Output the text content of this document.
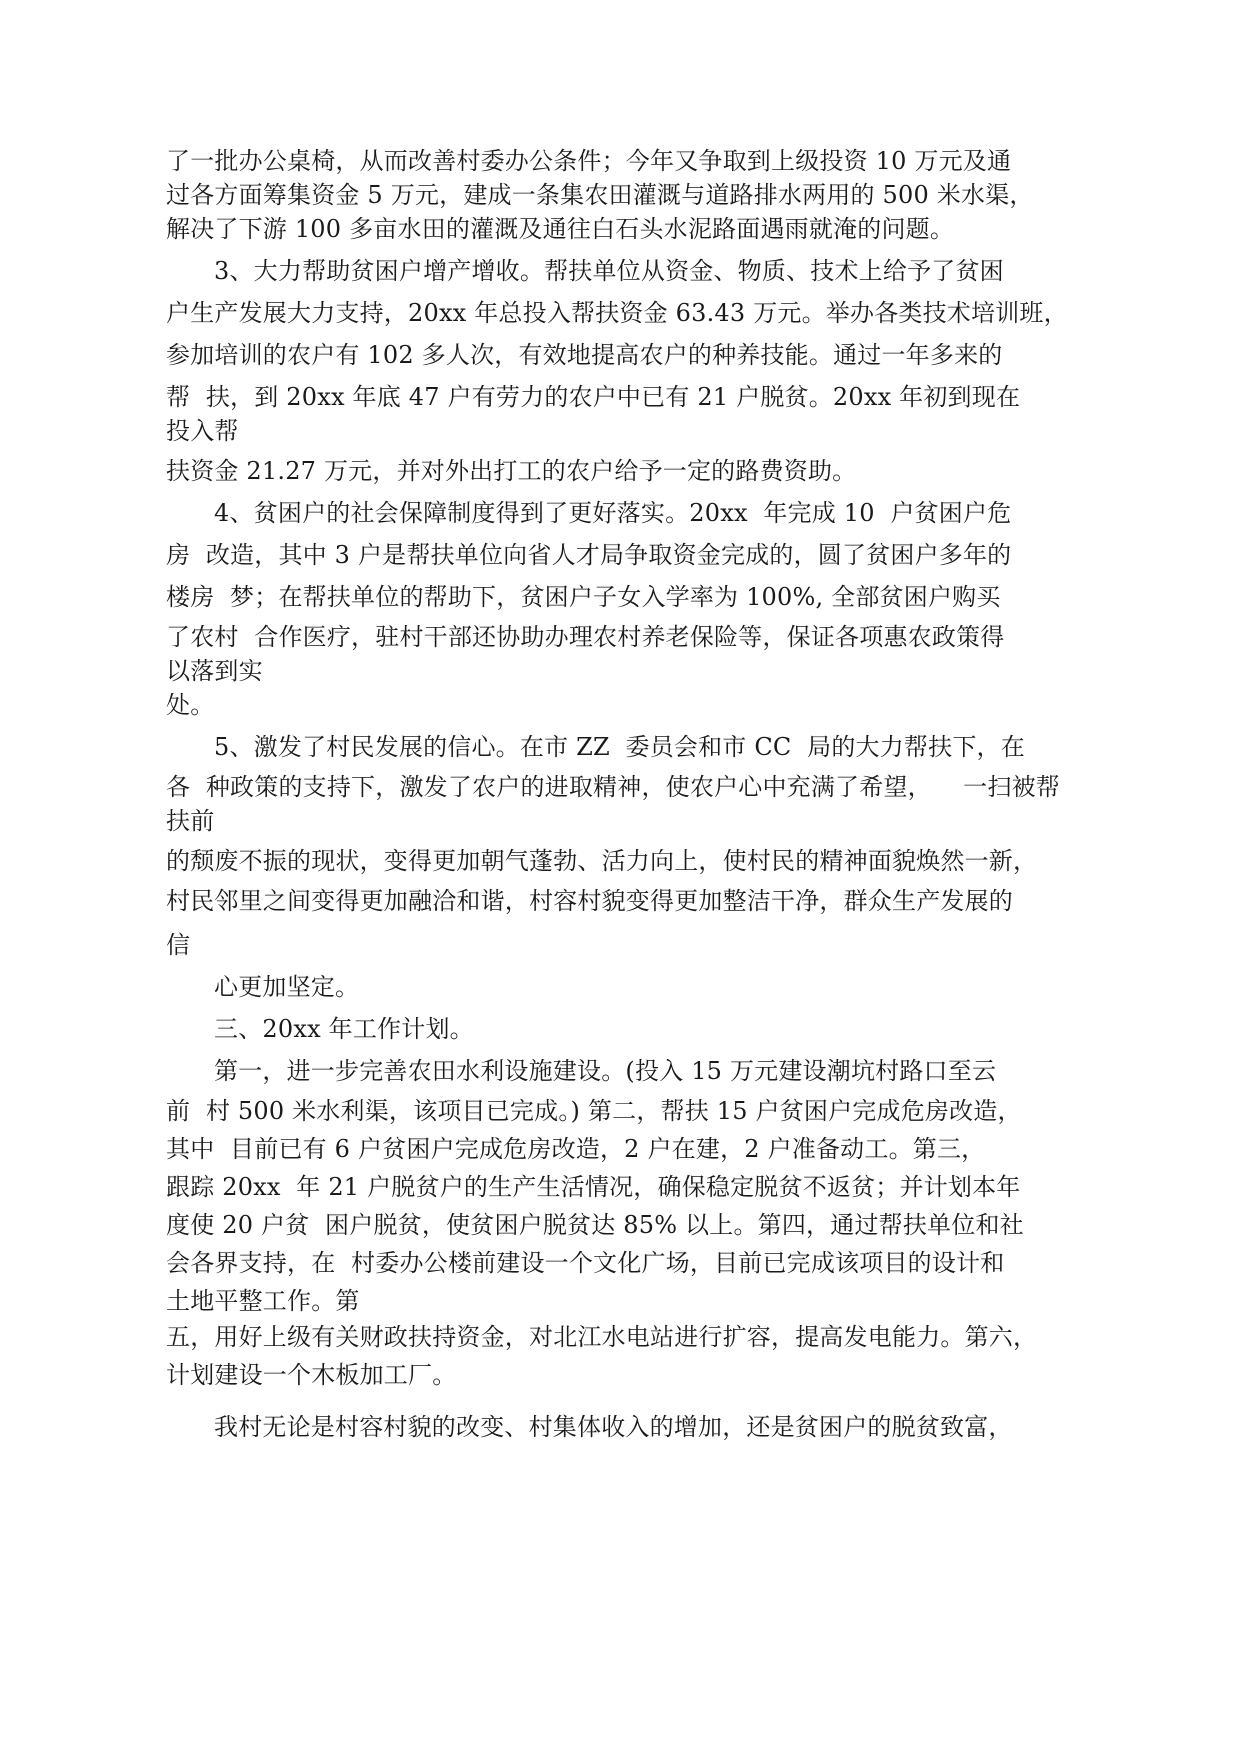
了一批办公桌椅，从而改善村委办公条件；今年又争取到上级投资 10 万元及通
过各方面筹集资金 5 万元，建成一条集农田灌溉与道路排水两用的 500 米水渠，
解决了下游 100 多亩水田的灌溉及通往白石头水泥路面遇雨就淹的问题。
3、大力帮助贫困户增产增收。帮扶单位从资金、物质、技术上给予了贫困
户生产发展大力支持，20xx 年总投入帮扶资金 63.43 万元。举办各类技术培训班，
参加培训的农户有 102 多人次，有效地提高农户的种养技能。通过一年多来的
帮  扶，到 20xx 年底 47 户有劳力的农户中已有 21 户脱贫。20xx 年初到现在
投入帮
扶资金 21.27 万元，并对外出打工的农户给予一定的路费资助。
4、贫困户的社会保障制度得到了更好落实。20xx  年完成 10  户贫困户危
房  改造，其中 3 户是帮扶单位向省人才局争取资金完成的，圆了贫困户多年的
楼房  梦；在帮扶单位的帮助下，贫困户子女入学率为 100%, 全部贫困户购买
了农村  合作医疗，驻村干部还协助办理农村养老保险等，保证各项惠农政策得
以落到实
处。
5、激发了村民发展的信心。在市 ZZ  委员会和市 CC  局的大力帮扶下，在
各  种政策的支持下，激发了农户的进取精神，使农户心中充满了希望，    一扫被帮
扶前
的颓废不振的现状，变得更加朝气蓬勃、活力向上，使村民的精神面貌焕然一新，
村民邻里之间变得更加融洽和谐，村容村貌变得更加整洁干净，群众生产发展的
信
心更加坚定。
三、20xx 年工作计划。
第一，进一步完善农田水利设施建设。(投入 15 万元建设潮坑村路口至云
前  村 500 米水利渠，该项目已完成。) 第二，帮扶 15 户贫困户完成危房改造，
其中  目前已有 6 户贫困户完成危房改造，2 户在建，2 户准备动工。第三，
跟踪 20xx  年 21 户脱贫户的生产生活情况，确保稳定脱贫不返贫；并计划本年
度使 20 户贫  困户脱贫，使贫困户脱贫达 85% 以上。第四，通过帮扶单位和社
会各界支持，在  村委办公楼前建设一个文化广场，目前已完成该项目的设计和
土地平整工作。第
五，用好上级有关财政扶持资金，对北江水电站进行扩容，提高发电能力。第六，
计划建设一个木板加工厂。
我村无论是村容村貌的改变、村集体收入的增加，还是贫困户的脱贫致富，
